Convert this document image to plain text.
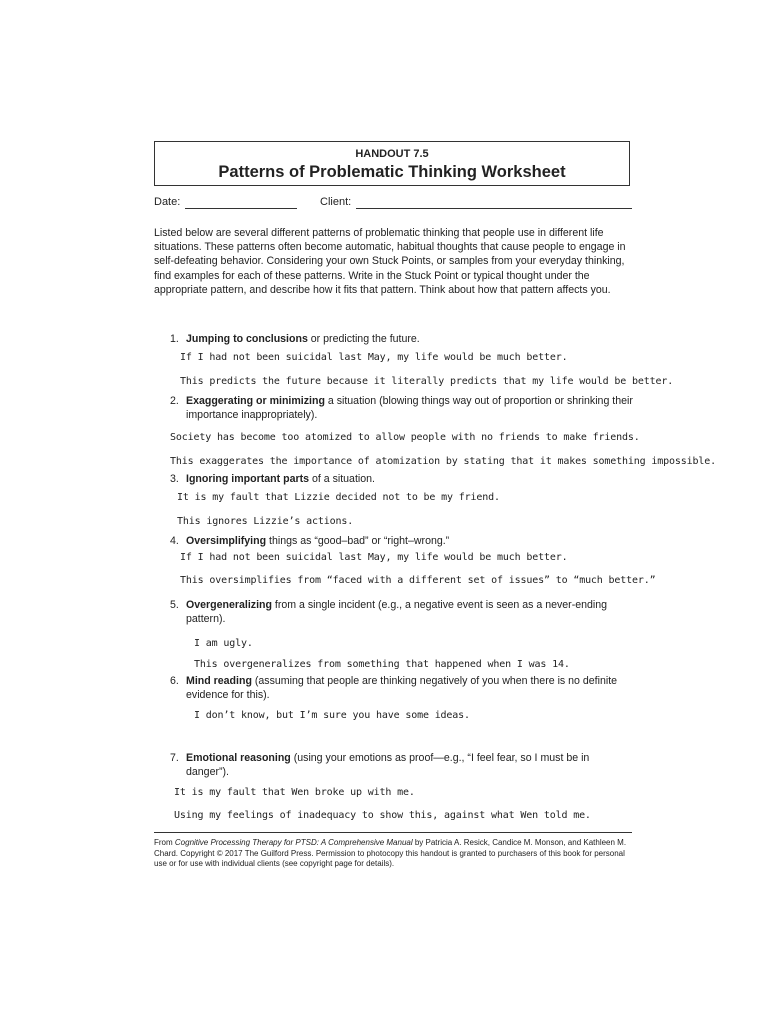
HANDOUT 7.5
Patterns of Problematic Thinking Worksheet
Date:	Client:
Listed below are several different patterns of problematic thinking that people use in different life situations. These patterns often become automatic, habitual thoughts that cause people to engage in self-defeating behavior. Considering your own Stuck Points, or samples from your everyday thinking, find examples for each of these patterns. Write in the Stuck Point or typical thought under the appropriate pattern, and describe how it fits that pattern. Think about how that pattern affects you.
1. Jumping to conclusions or predicting the future.
If I had not been suicidal last May, my life would be much better.
This predicts the future because it literally predicts that my life would be better.
2. Exaggerating or minimizing a situation (blowing things way out of proportion or shrinking their importance inappropriately).
Society has become too atomized to allow people with no friends to make friends.
This exaggerates the importance of atomization by stating that it makes something impossible.
3. Ignoring important parts of a situation.
It is my fault that Lizzie decided not to be my friend.
This ignores Lizzie’s actions.
4. Oversimplifying things as “good–bad” or “right–wrong.”
If I had not been suicidal last May, my life would be much better.
This oversimplifies from “faced with a different set of issues” to “much better.”
5. Overgeneralizing from a single incident (e.g., a negative event is seen as a never-ending pattern).
I am ugly.
This overgeneralizes from something that happened when I was 14.
6. Mind reading (assuming that people are thinking negatively of you when there is no definite evidence for this).
I don’t know, but I’m sure you have some ideas.
7. Emotional reasoning (using your emotions as proof—e.g., “I feel fear, so I must be in danger”).
It is my fault that Wen broke up with me.
Using my feelings of inadequacy to show this, against what Wen told me.
From Cognitive Processing Therapy for PTSD: A Comprehensive Manual by Patricia A. Resick, Candice M. Monson, and Kathleen M. Chard. Copyright © 2017 The Guilford Press. Permission to photocopy this handout is granted to purchasers of this book for personal use or for use with individual clients (see copyright page for details).
